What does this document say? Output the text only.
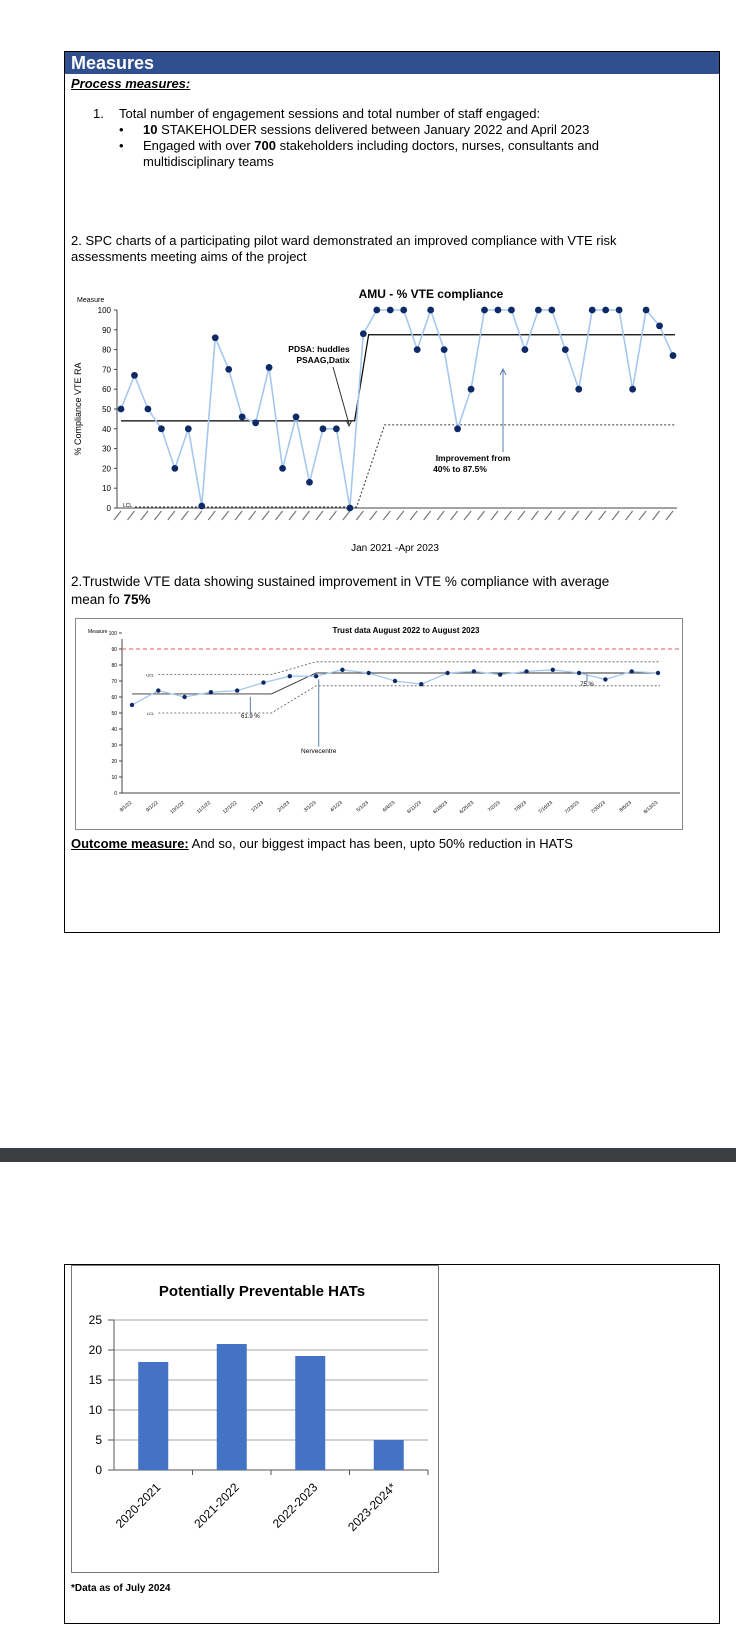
Measures
Process measures:
1. Total number of engagement sessions and total number of staff engaged:
• 10 STAKEHOLDER sessions delivered between January 2022 and April 2023
• Engaged with over 700 stakeholders including doctors, nurses, consultants and
multidisciplinary teams
2. SPC charts of a participating pilot ward demonstrated an improved compliance with VTE risk
assessments meeting aims of the project
AMU - % VTE compliance
Measure
% Compliance VTE RA
0
10
20
30
40
50
60
70
80
90
100
Jan 2021 -Apr 2023
LCL
PDSA: huddles
PSAAG,Datix
Improvement from
40% to 87.5%
2.Trustwide VTE data showing sustained improvement in VTE % compliance with average
mean fo 75%
Trust data August 2022 to August 2023
Measure
0
10
20
30
40
50
60
70
80
90
100
UCL
LCL
8/1/22 9/1/22 10/1/22 11/1/22 12/1/22 1/1/23 2/1/23 3/1/23 4/1/23 5/1/23 6/4/23 6/11/23 6/18/23 6/25/23 7/2/23 7/9/23 7/16/23 7/23/23 7/30/23 8/6/23 8/13/23
61.9 %
75 %
Nervecentre
Outcome measure: And so, our biggest impact has been, upto 50% reduction in HATS
Potentially Preventable HATs
0
5
10
15
20
25
2020-2021 2021-2022 2022-2023 2023-2024*
*Data as of July 2024
